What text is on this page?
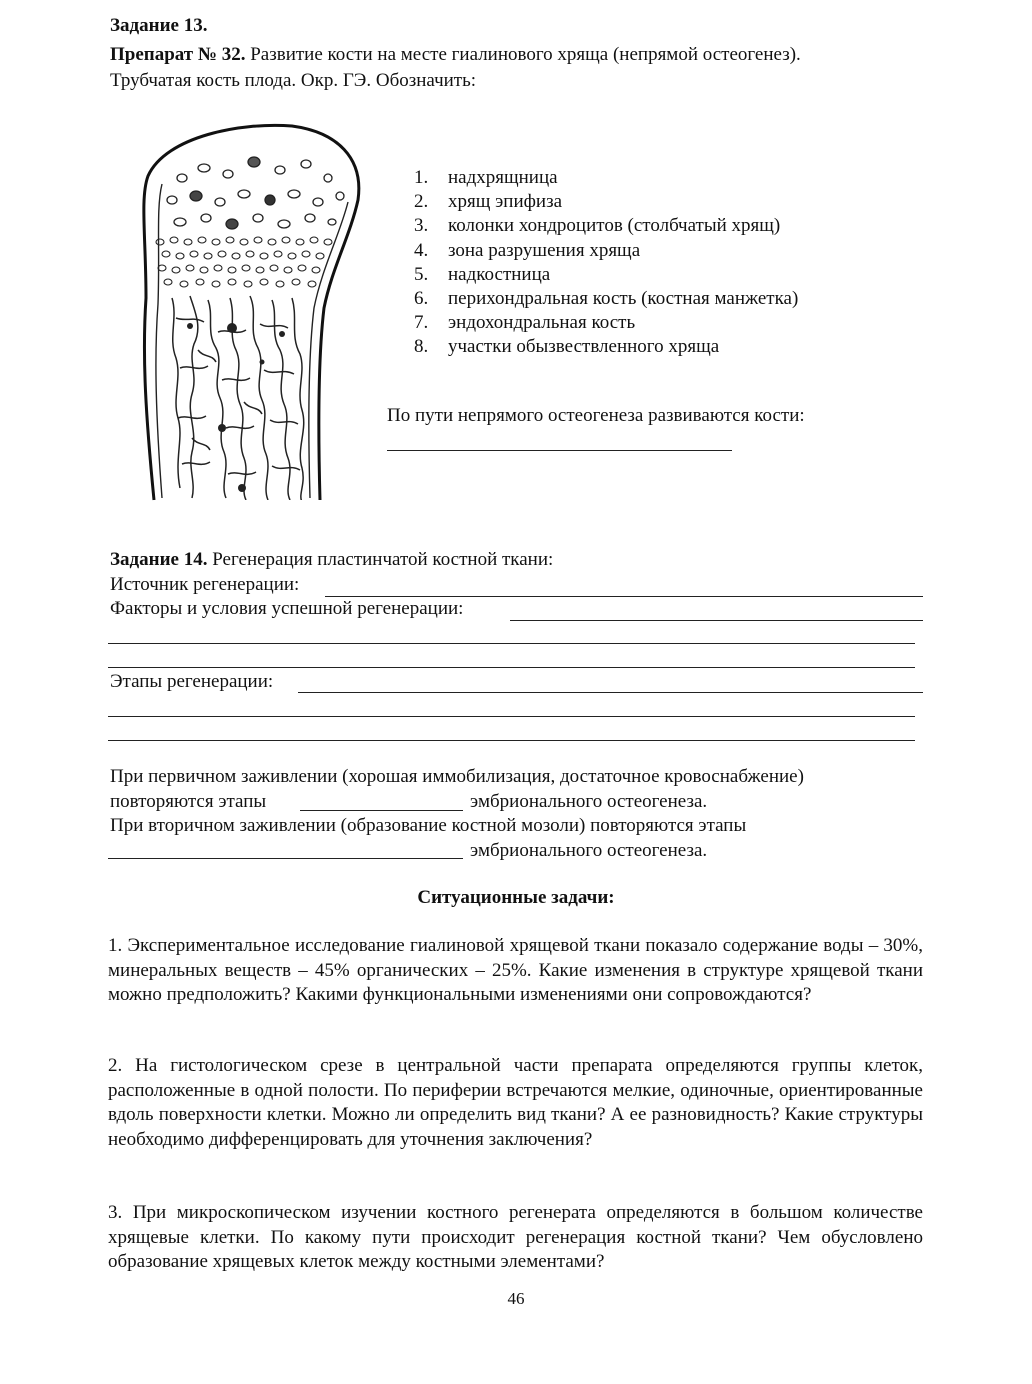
Задание 13.
Препарат № 32. Развитие кости на месте гиалинового хряща (непрямой остеогенез).
Трубчатая кость плода. Окр. ГЭ. Обозначить:
1. надхрящница
2. хрящ эпифиза
3. колонки хондроцитов (столбчатый хрящ)
4. зона разрушения хряща
5. надкостница
6. перихондральная кость (костная манжетка)
7. эндохондральная кость
8. участки обызвествленного хряща
По пути непрямого остеогенеза развиваются кости:
Задание 14. Регенерация пластинчатой костной ткани:
Источник регенерации:
Факторы и условия успешной регенерации:
Этапы регенерации:
При первичном заживлении (хорошая иммобилизация, достаточное кровоснабжение)
повторяются этапы	эмбрионального остеогенеза.
При вторичном заживлении (образование костной мозоли) повторяются этапы
эмбрионального остеогенеза.
Ситуационные задачи:
1. Экспериментальное исследование гиалиновой хрящевой ткани показало содержание воды – 30%, минеральных веществ – 45% органических – 25%. Какие изменения в структуре хрящевой ткани можно предположить? Какими функциональными изменениями они сопровождаются?
2. На гистологическом срезе в центральной части препарата определяются группы клеток, расположенные в одной полости. По периферии встречаются мелкие, одиночные, ориентированные вдоль поверхности клетки. Можно ли определить вид ткани? А ее разновидность? Какие структуры необходимо дифференцировать для уточнения заключения?
3. При микроскопическом изучении костного регенерата определяются в большом количестве хрящевые клетки. По какому пути происходит регенерация костной ткани? Чем обусловлено образование хрящевых клеток между костными элементами?
46
